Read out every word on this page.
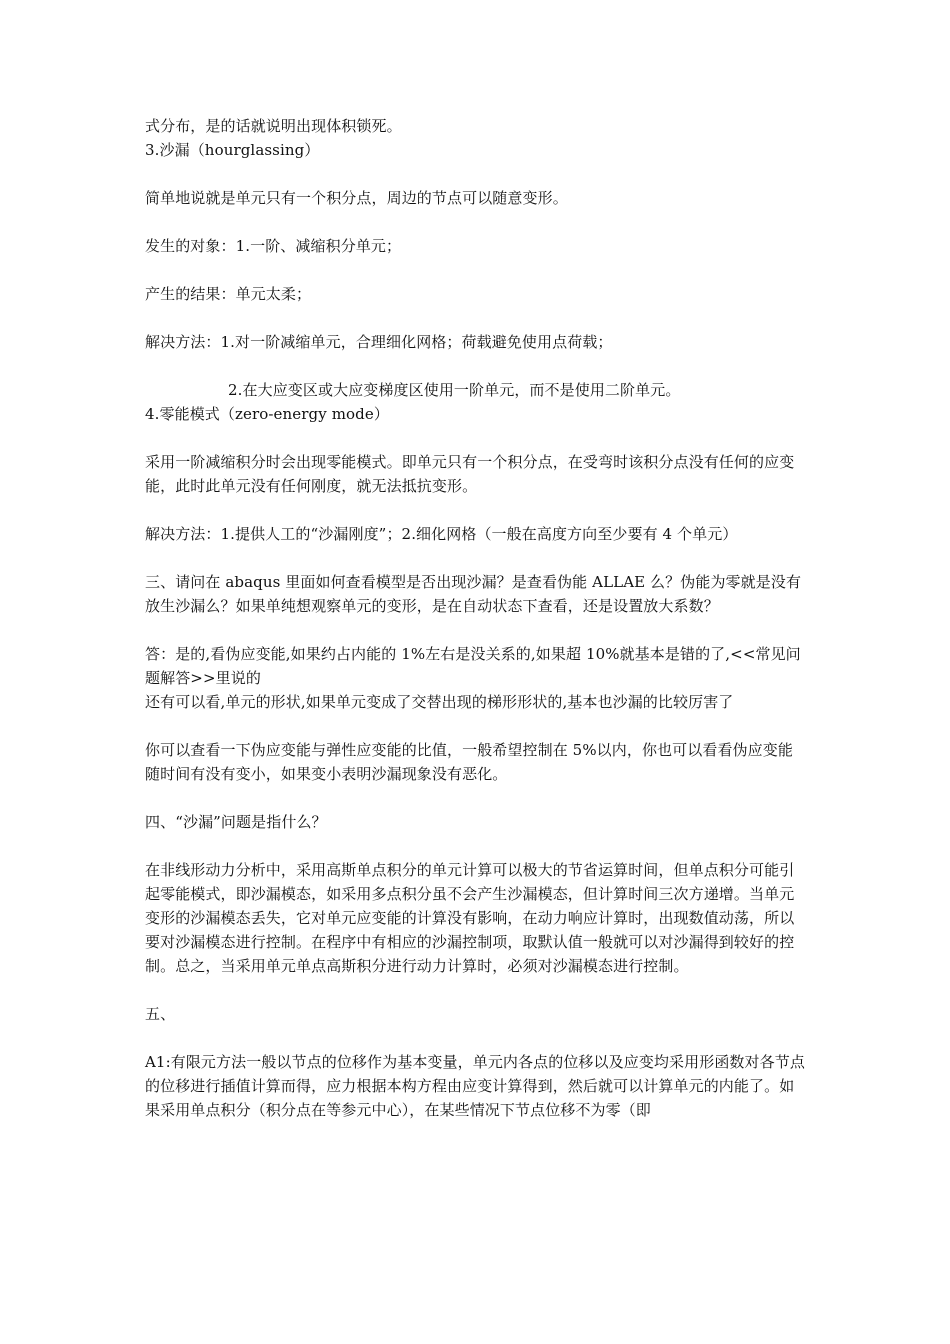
式分布，是的话就说明出现体积锁死。

3.沙漏（hourglassing）

简单地说就是单元只有一个积分点，周边的节点可以随意变形。

发生的对象：1.一阶、减缩积分单元；

产生的结果：单元太柔；

解决方法：1.对一阶减缩单元，合理细化网格；荷载避免使用点荷载；

2.在大应变区或大应变梯度区使用一阶单元，而不是使用二阶单元。

4.零能模式（zero-energy mode）

采用一阶减缩积分时会出现零能模式。即单元只有一个积分点，在受弯时该积分点没有任何的应变能，此时此单元没有任何刚度，就无法抵抗变形。

解决方法：1.提供人工的“沙漏刚度”；2.细化网格（一般在高度方向至少要有 4 个单元）

三、请问在 abaqus 里面如何查看模型是否出现沙漏？是查看伪能 ALLAE 么？伪能为零就是没有放生沙漏么？如果单纯想观察单元的变形，是在自动状态下查看，还是设置放大系数？

答：是的,看伪应变能,如果约占内能的 1%左右是没关系的,如果超 10%就基本是错的了,<<常见问题解答>>里说的

还有可以看,单元的形状,如果单元变成了交替出现的梯形形状的,基本也沙漏的比较厉害了

你可以查看一下伪应变能与弹性应变能的比值，一般希望控制在 5%以内，你也可以看看伪应变能随时间有没有变小，如果变小表明沙漏现象没有恶化。

四、“沙漏”问题是指什么？

在非线形动力分析中，采用高斯单点积分的单元计算可以极大的节省运算时间，但单点积分可能引起零能模式，即沙漏模态，如采用多点积分虽不会产生沙漏模态，但计算时间三次方递增。当单元变形的沙漏模态丢失，它对单元应变能的计算没有影响，在动力响应计算时，出现数值动荡，所以要对沙漏模态进行控制。在程序中有相应的沙漏控制项，取默认值一般就可以对沙漏得到较好的控制。总之，当采用单元单点高斯积分进行动力计算时，必须对沙漏模态进行控制。

五、

A1:有限元方法一般以节点的位移作为基本变量，单元内各点的位移以及应变均采用形函数对各节点的位移进行插值计算而得，应力根据本构方程由应变计算得到，然后就可以计算单元的内能了。如果采用单点积分（积分点在等参元中心），在某些情况下节点位移不为零（即
